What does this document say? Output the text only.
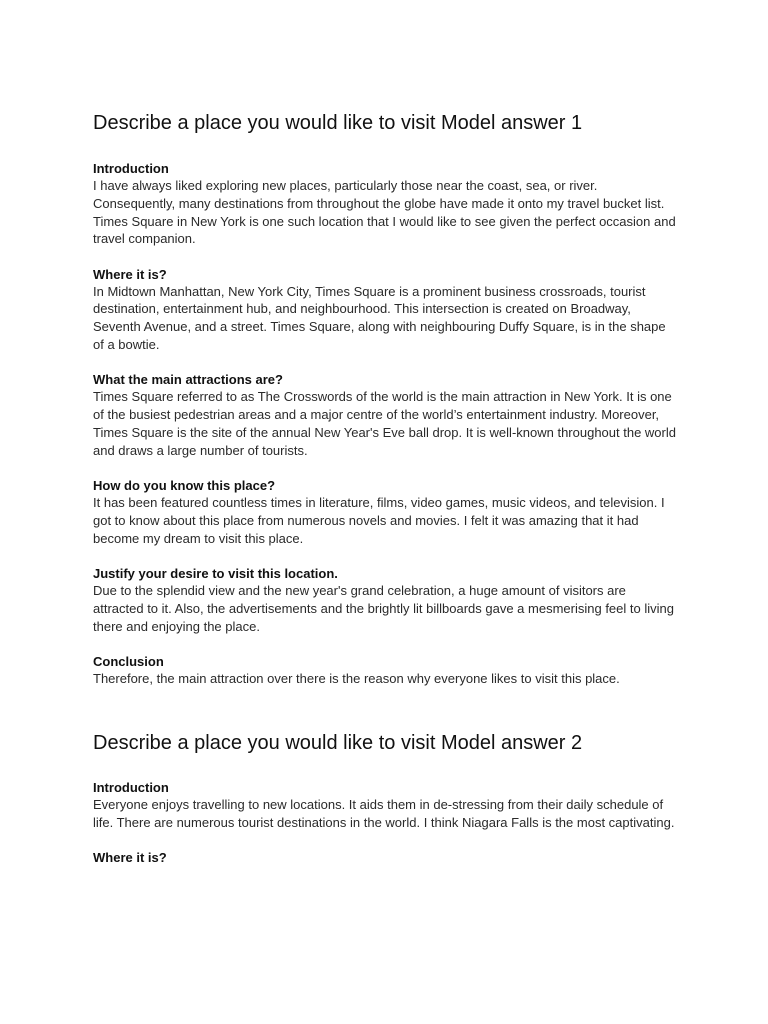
Describe a place you would like to visit Model answer 1
Introduction
I have always liked exploring new places, particularly those near the coast, sea, or river. Consequently, many destinations from throughout the globe have made it onto my travel bucket list. Times Square in New York is one such location that I would like to see given the perfect occasion and travel companion.
Where it is?
In Midtown Manhattan, New York City, Times Square is a prominent business crossroads, tourist destination, entertainment hub, and neighbourhood. This intersection is created on Broadway, Seventh Avenue, and a street. Times Square, along with neighbouring Duffy Square, is in the shape of a bowtie.
What the main attractions are?
Times Square referred to as The Crosswords of the world is the main attraction in New York. It is one of the busiest pedestrian areas and a major centre of the world’s entertainment industry. Moreover, Times Square is the site of the annual New Year's Eve ball drop. It is well-known throughout the world and draws a large number of tourists.
How do you know this place?
It has been featured countless times in literature, films, video games, music videos, and television. I got to know about this place from numerous novels and movies. I felt it was amazing that it had become my dream to visit this place.
Justify your desire to visit this location.
Due to the splendid view and the new year's grand celebration, a huge amount of visitors are attracted to it. Also, the advertisements and the brightly lit billboards gave a mesmerising feel to living there and enjoying the place.
Conclusion
Therefore, the main attraction over there is the reason why everyone likes to visit this place.
Describe a place you would like to visit Model answer 2
Introduction
Everyone enjoys travelling to new locations. It aids them in de-stressing from their daily schedule of life. There are numerous tourist destinations in the world. I think Niagara Falls is the most captivating.
Where it is?
